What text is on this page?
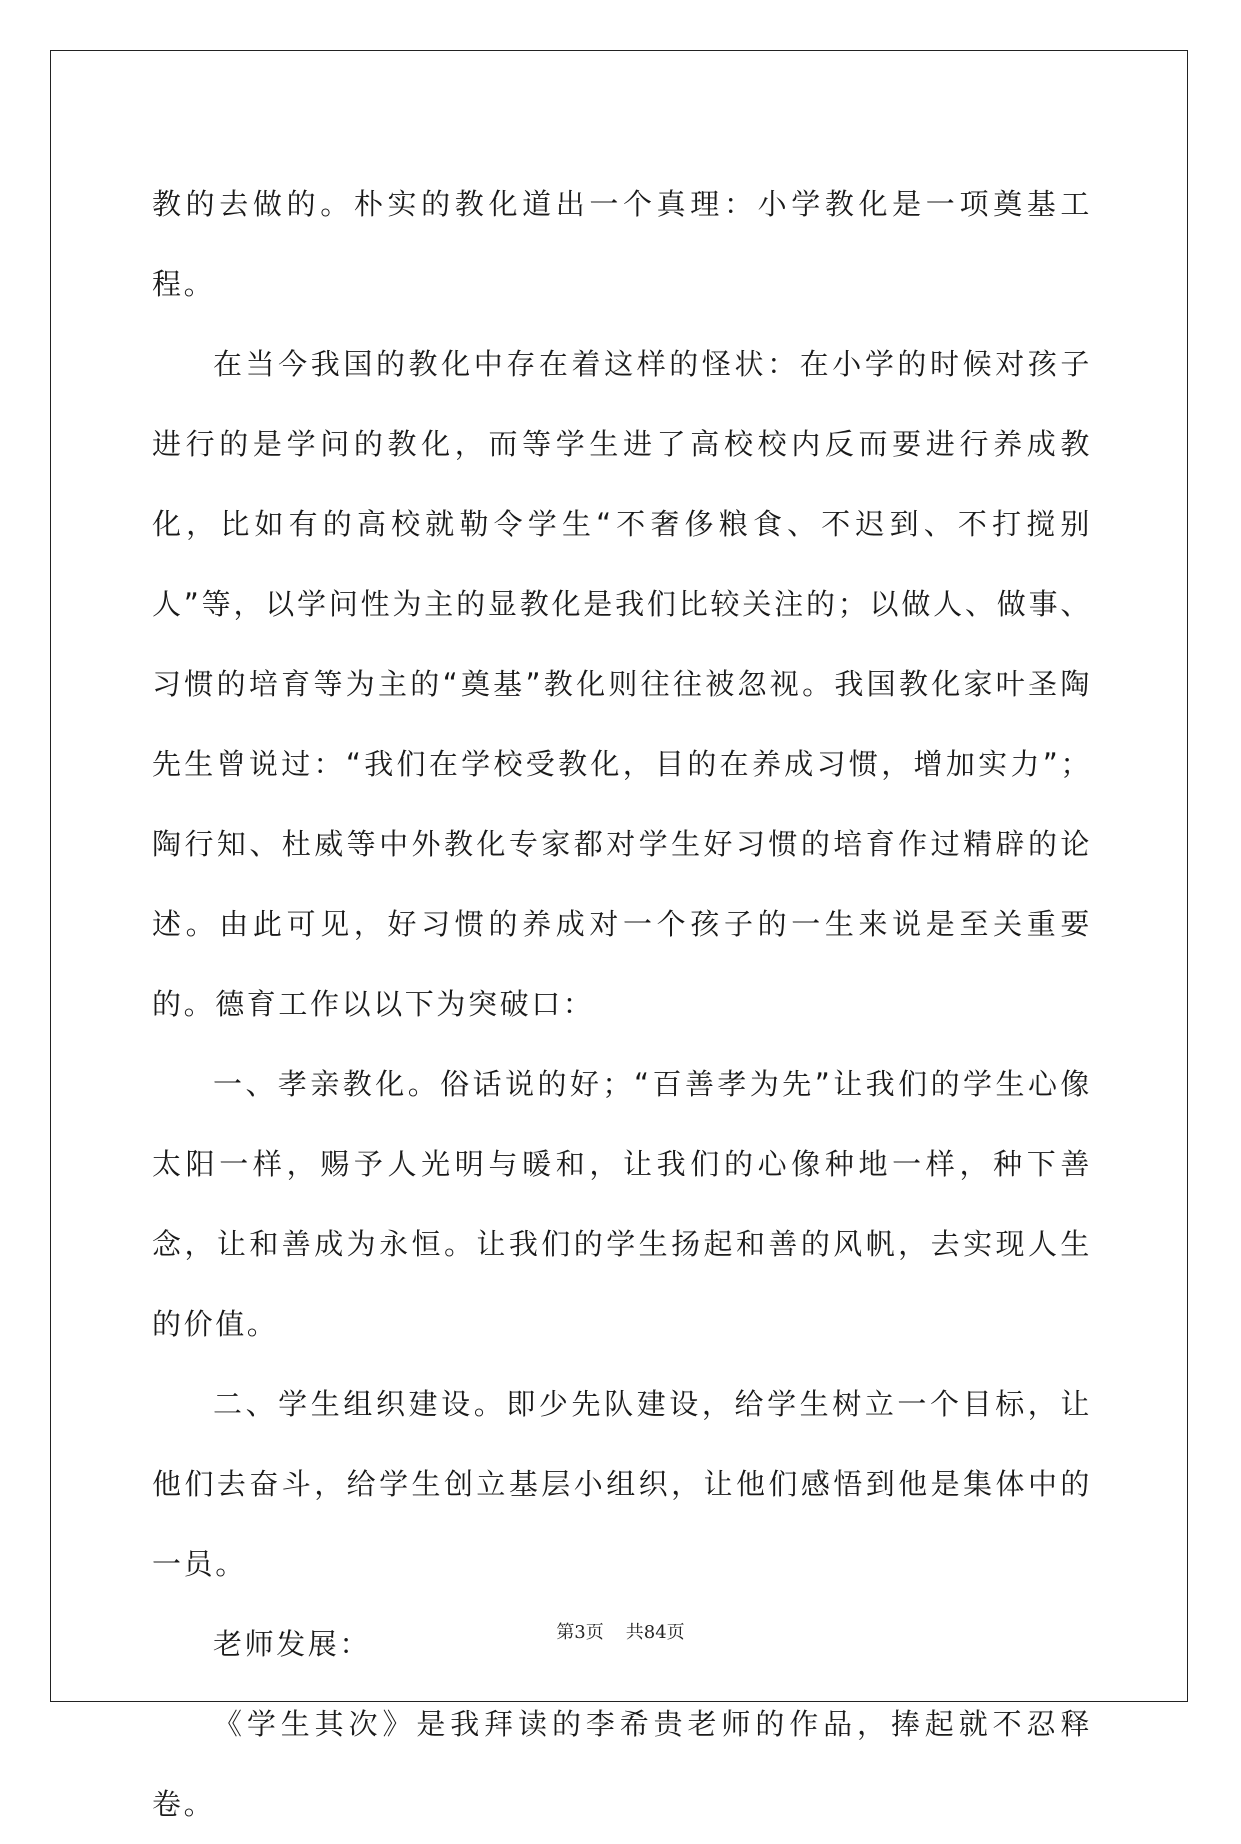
教的去做的。朴实的教化道出一个真理：小学教化是一项奠基工程。

在当今我国的教化中存在着这样的怪状：在小学的时候对孩子进行的是学问的教化，而等学生进了高校校内反而要进行养成教化，比如有的高校就勒令学生“不奢侈粮食、不迟到、不打搅别人”等，以学问性为主的显教化是我们比较关注的；以做人、做事、习惯的培育等为主的“奠基”教化则往往被忽视。我国教化家叶圣陶先生曾说过：“我们在学校受教化，目的在养成习惯，增加实力”；陶行知、杜威等中外教化专家都对学生好习惯的培育作过精辟的论述。由此可见，好习惯的养成对一个孩子的一生来说是至关重要的。德育工作以以下为突破口：

一、孝亲教化。俗话说的好；“百善孝为先”让我们的学生心像太阳一样，赐予人光明与暖和，让我们的心像种地一样，种下善念，让和善成为永恒。让我们的学生扬起和善的风帆，去实现人生的价值。

二、学生组织建设。即少先队建设，给学生树立一个目标，让他们去奋斗，给学生创立基层小组织，让他们感悟到他是集体中的一员。

老师发展：

《学生其次》是我拜读的李希贵老师的作品，捧起就不忍释卷。

第3页 共84页
